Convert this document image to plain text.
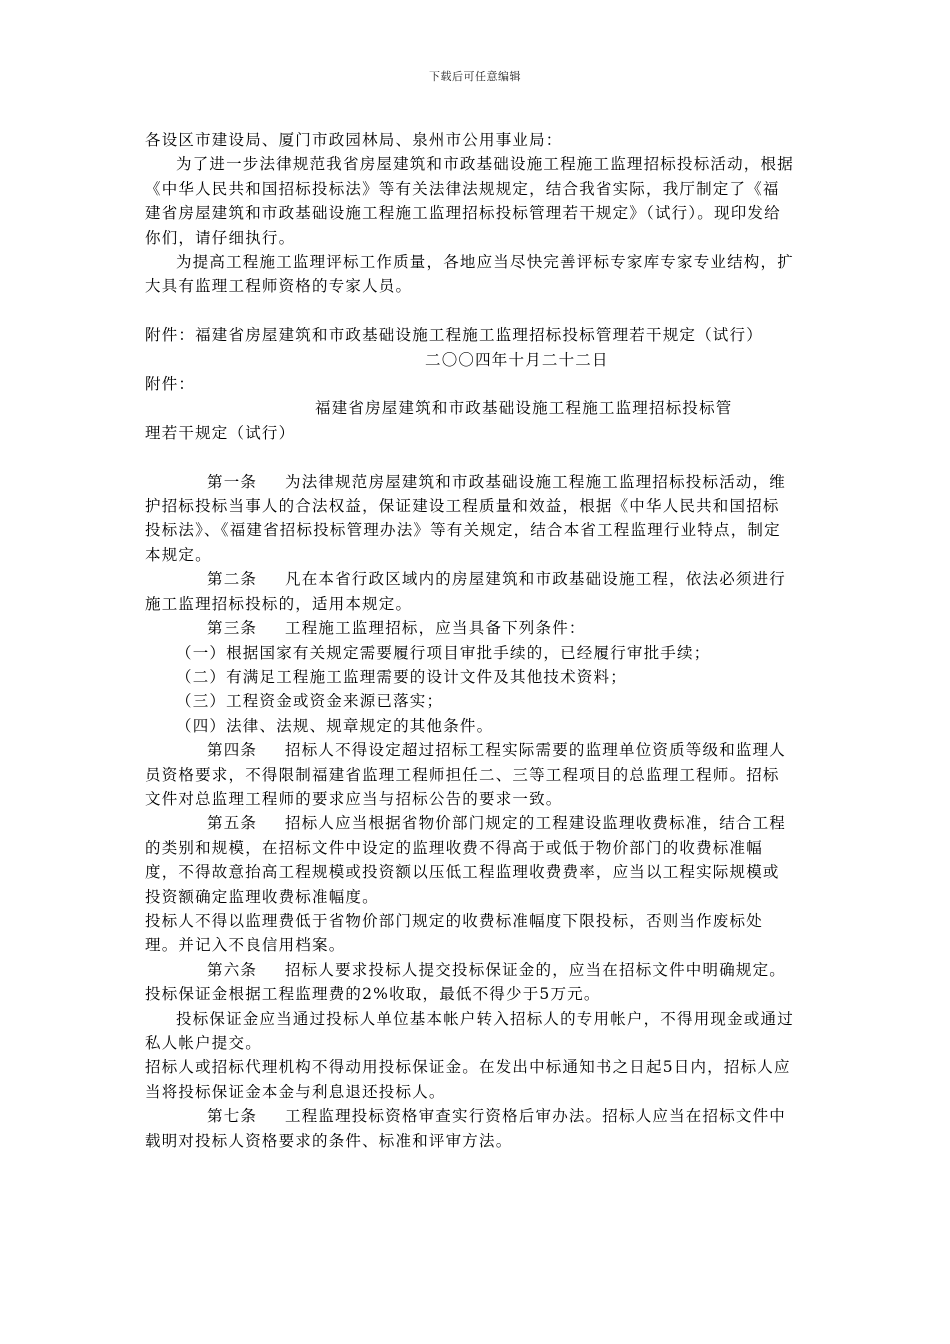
下载后可任意编辑

各设区市建设局、厦门市政园林局、泉州市公用事业局：

为了进一步法律规范我省房屋建筑和市政基础设施工程施工监理招标投标活动，根据《中华人民共和国招标投标法》等有关法律法规规定，结合我省实际，我厅制定了《福建省房屋建筑和市政基础设施工程施工监理招标投标管理若干规定》（试行）。现印发给你们，请仔细执行。

为提高工程施工监理评标工作质量，各地应当尽快完善评标专家库专家专业结构，扩大具有监理工程师资格的专家人员。

附件：福建省房屋建筑和市政基础设施工程施工监理招标投标管理若干规定（试行）

二〇〇四年十月二十二日

附件：

福建省房屋建筑和市政基础设施工程施工监理招标投标管

理若干规定（试行）

第一条 为法律规范房屋建筑和市政基础设施工程施工监理招标投标活动，维护招标投标当事人的合法权益，保证建设工程质量和效益，根据《中华人民共和国招标投标法》、《福建省招标投标管理办法》等有关规定，结合本省工程监理行业特点，制定本规定。

第二条 凡在本省行政区域内的房屋建筑和市政基础设施工程，依法必须进行施工监理招标投标的，适用本规定。

第三条 工程施工监理招标，应当具备下列条件：

（一）根据国家有关规定需要履行项目审批手续的，已经履行审批手续；

（二）有满足工程施工监理需要的设计文件及其他技术资料；

（三）工程资金或资金来源已落实；

（四）法律、法规、规章规定的其他条件。

第四条 招标人不得设定超过招标工程实际需要的监理单位资质等级和监理人员资格要求，不得限制福建省监理工程师担任二、三等工程项目的总监理工程师。招标文件对总监理工程师的要求应当与招标公告的要求一致。

第五条 招标人应当根据省物价部门规定的工程建设监理收费标准，结合工程的类别和规模，在招标文件中设定的监理收费不得高于或低于物价部门的收费标准幅度，不得故意抬高工程规模或投资额以压低工程监理收费费率，应当以工程实际规模或投资额确定监理收费标准幅度。

投标人不得以监理费低于省物价部门规定的收费标准幅度下限投标，否则当作废标处理。并记入不良信用档案。

第六条 招标人要求投标人提交投标保证金的，应当在招标文件中明确规定。投标保证金根据工程监理费的2%收取，最低不得少于5万元。

投标保证金应当通过投标人单位基本帐户转入招标人的专用帐户，不得用现金或通过私人帐户提交。

招标人或招标代理机构不得动用投标保证金。在发出中标通知书之日起5日内，招标人应当将投标保证金本金与利息退还投标人。

第七条 工程监理投标资格审查实行资格后审办法。招标人应当在招标文件中载明对投标人资格要求的条件、标准和评审方法。
